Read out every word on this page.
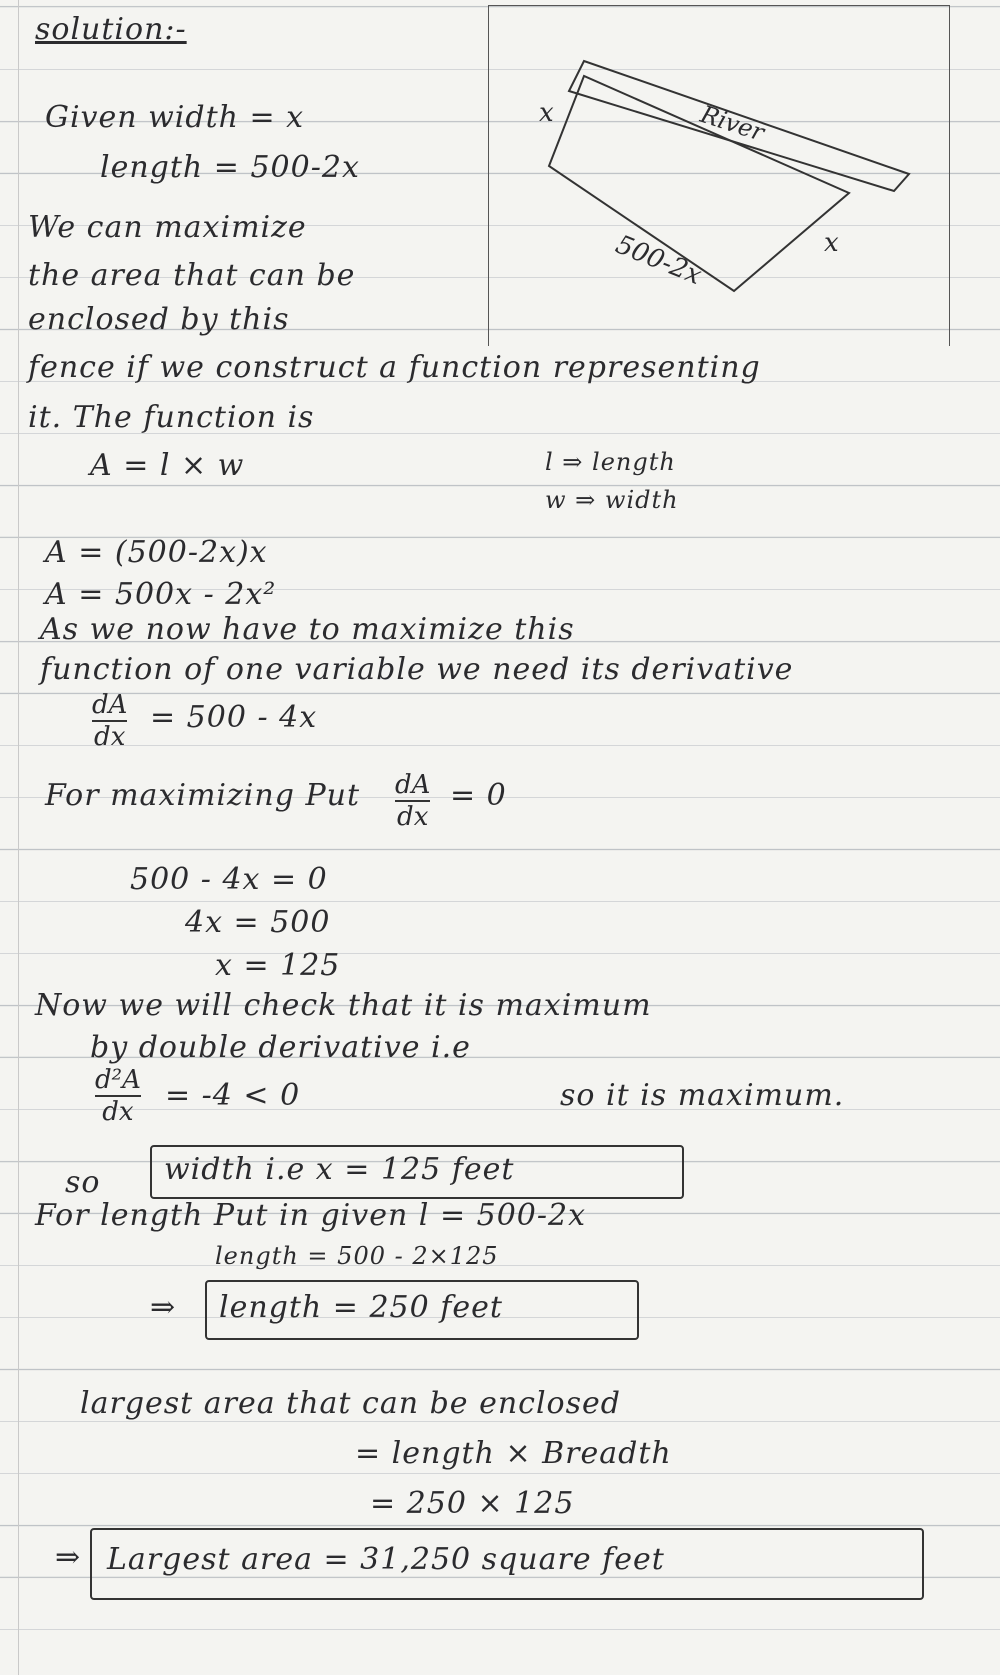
solution:-
Given width = x
length = 500-2x
River
x
x
500-2x
We can maximize
the area that can be
enclosed by this
fence if we construct a function representing
it. The function is
A = l × w	l ⇒ length
w ⇒ width
A = (500-2x)x
A = 500x - 2x²
As we now have to maximize this
function of one variable we need its derivative
dA
dx
= 500 - 4x
For maximizing Put dA
dx
= 0
500 - 4x = 0
4x = 500
x = 125
Now we will check that it is maximum
by double derivative i.e
d²A
dx = -4 < 0	so it is maximum.
so width i.e x = 125 feet
For length Put in given l = 500-2x
length = 500 - 2×125
⇒ length = 250 feet
largest area that can be enclosed
= length × Breadth
= 250 × 125
⇒ Largest area = 31,250 square feet
